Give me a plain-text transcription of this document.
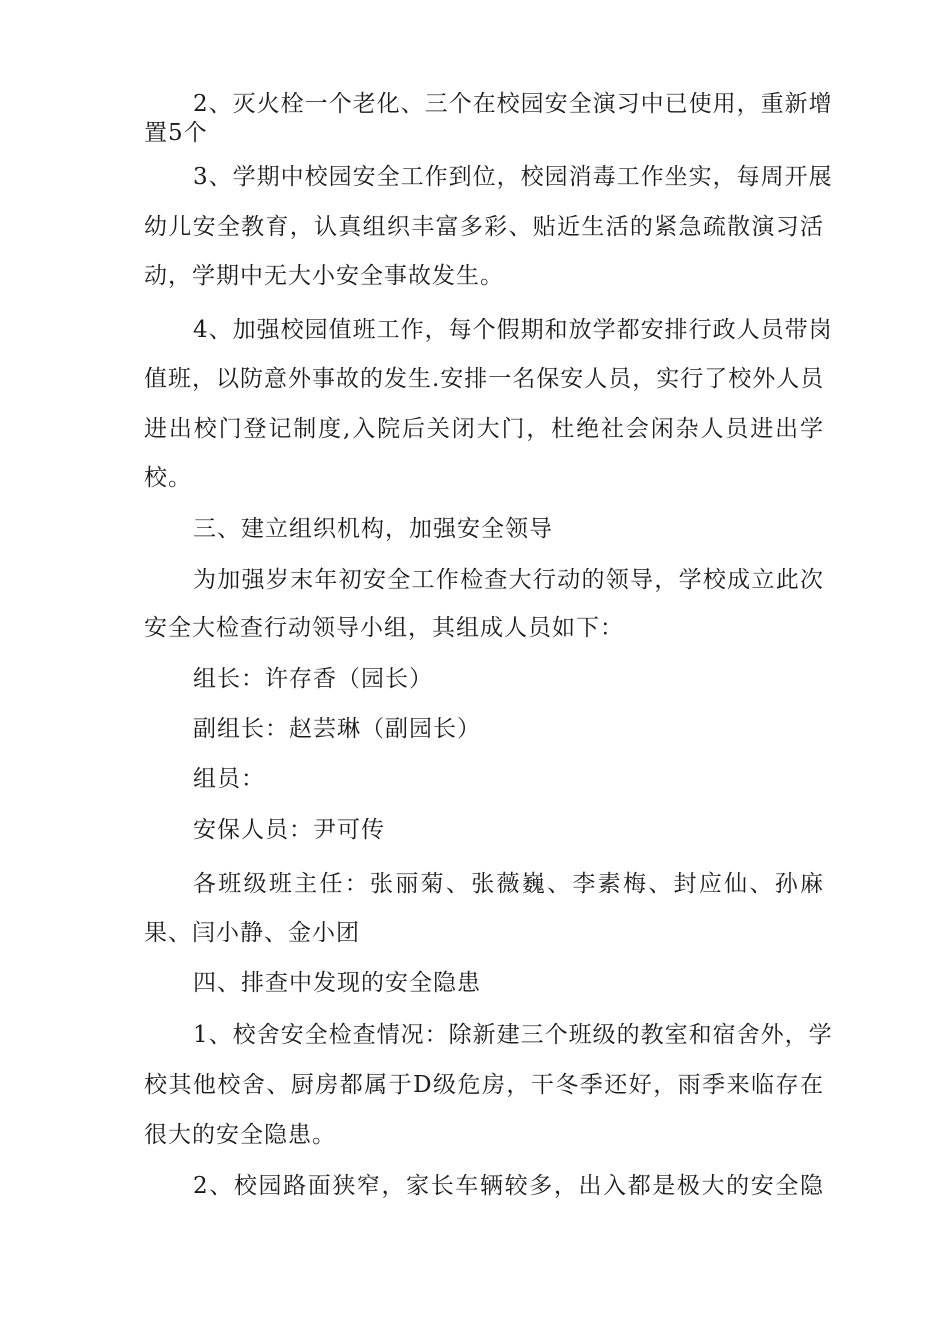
2、灭火栓一个老化、三个在校园安全演习中已使用，重新增
置5个
3、学期中校园安全工作到位，校园消毒工作坐实，每周开展
幼儿安全教育，认真组织丰富多彩、贴近生活的紧急疏散演习活
动，学期中无大小安全事故发生。
4、加强校园值班工作，每个假期和放学都安排行政人员带岗
值班，以防意外事故的发生.安排一名保安人员，实行了校外人员
进出校门登记制度,入院后关闭大门，杜绝社会闲杂人员进出学
校。
三、建立组织机构，加强安全领导
为加强岁末年初安全工作检查大行动的领导，学校成立此次
安全大检查行动领导小组，其组成人员如下：
组长：许存香（园长）
副组长：赵芸琳（副园长）
组员：
安保人员：尹可传
各班级班主任：张丽菊、张薇巍、李素梅、封应仙、孙麻
果、闫小静、金小团
四、排查中发现的安全隐患
1、校舍安全检查情况：除新建三个班级的教室和宿舍外，学
校其他校舍、厨房都属于D级危房，干冬季还好，雨季来临存在
很大的安全隐患。
2、校园路面狭窄，家长车辆较多，出入都是极大的安全隐
